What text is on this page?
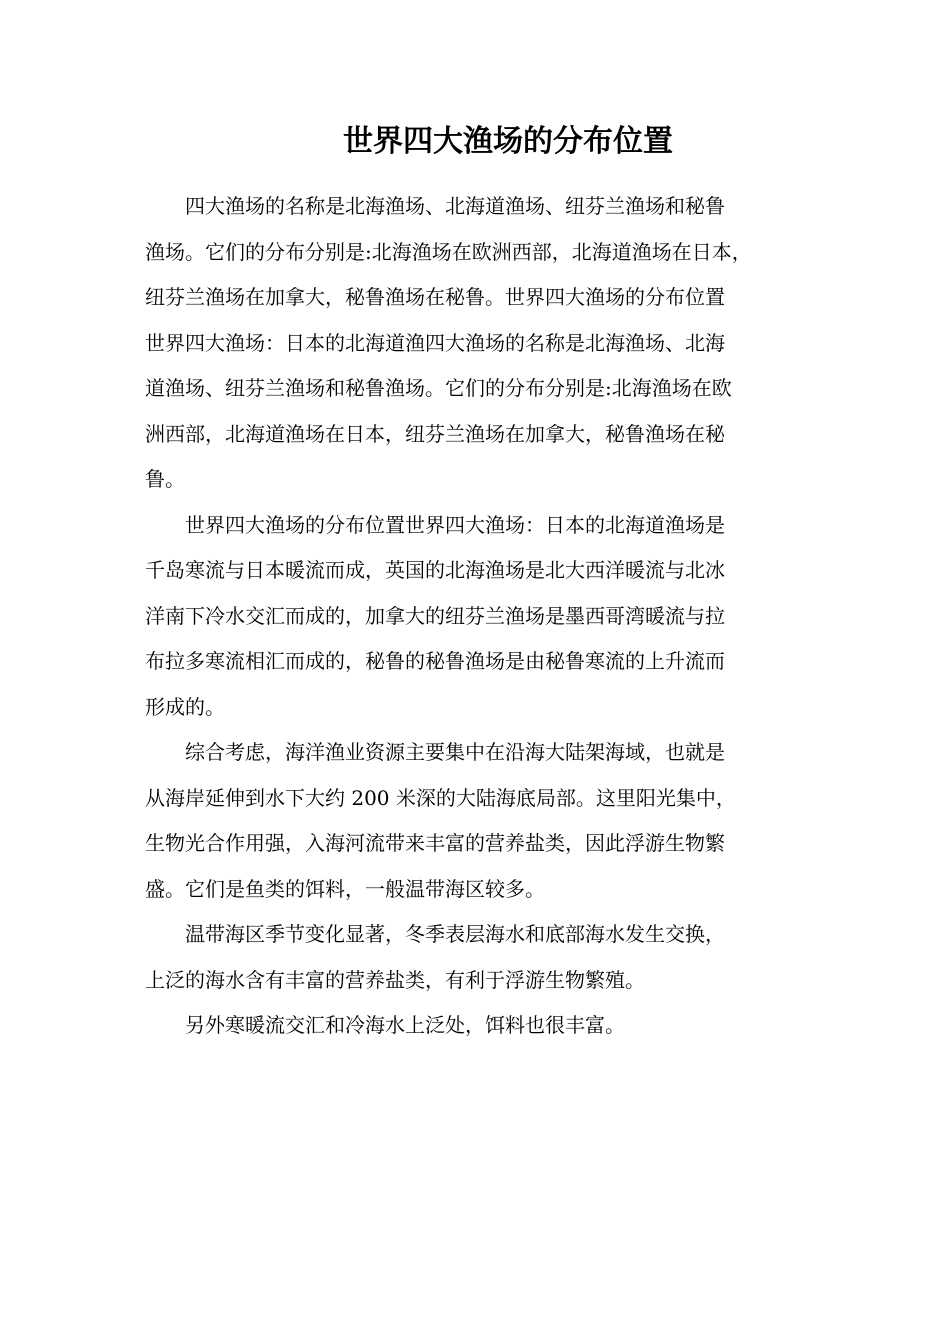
世界四大渔场的分布位置

四大渔场的名称是北海渔场、北海道渔场、纽芬兰渔场和秘鲁
渔场。它们的分布分别是:北海渔场在欧洲西部，北海道渔场在日本，
纽芬兰渔场在加拿大，秘鲁渔场在秘鲁。世界四大渔场的分布位置
世界四大渔场：日本的北海道渔四大渔场的名称是北海渔场、北海
道渔场、纽芬兰渔场和秘鲁渔场。它们的分布分别是:北海渔场在欧
洲西部，北海道渔场在日本，纽芬兰渔场在加拿大，秘鲁渔场在秘
鲁。

世界四大渔场的分布位置世界四大渔场：日本的北海道渔场是
千岛寒流与日本暖流而成，英国的北海渔场是北大西洋暖流与北冰
洋南下冷水交汇而成的，加拿大的纽芬兰渔场是墨西哥湾暖流与拉
布拉多寒流相汇而成的，秘鲁的秘鲁渔场是由秘鲁寒流的上升流而
形成的。

综合考虑，海洋渔业资源主要集中在沿海大陆架海域，也就是
从海岸延伸到水下大约 200 米深的大陆海底局部。这里阳光集中，
生物光合作用强，入海河流带来丰富的营养盐类，因此浮游生物繁
盛。它们是鱼类的饵料，一般温带海区较多。

温带海区季节变化显著，冬季表层海水和底部海水发生交换，
上泛的海水含有丰富的营养盐类，有利于浮游生物繁殖。

另外寒暖流交汇和冷海水上泛处，饵料也很丰富。
